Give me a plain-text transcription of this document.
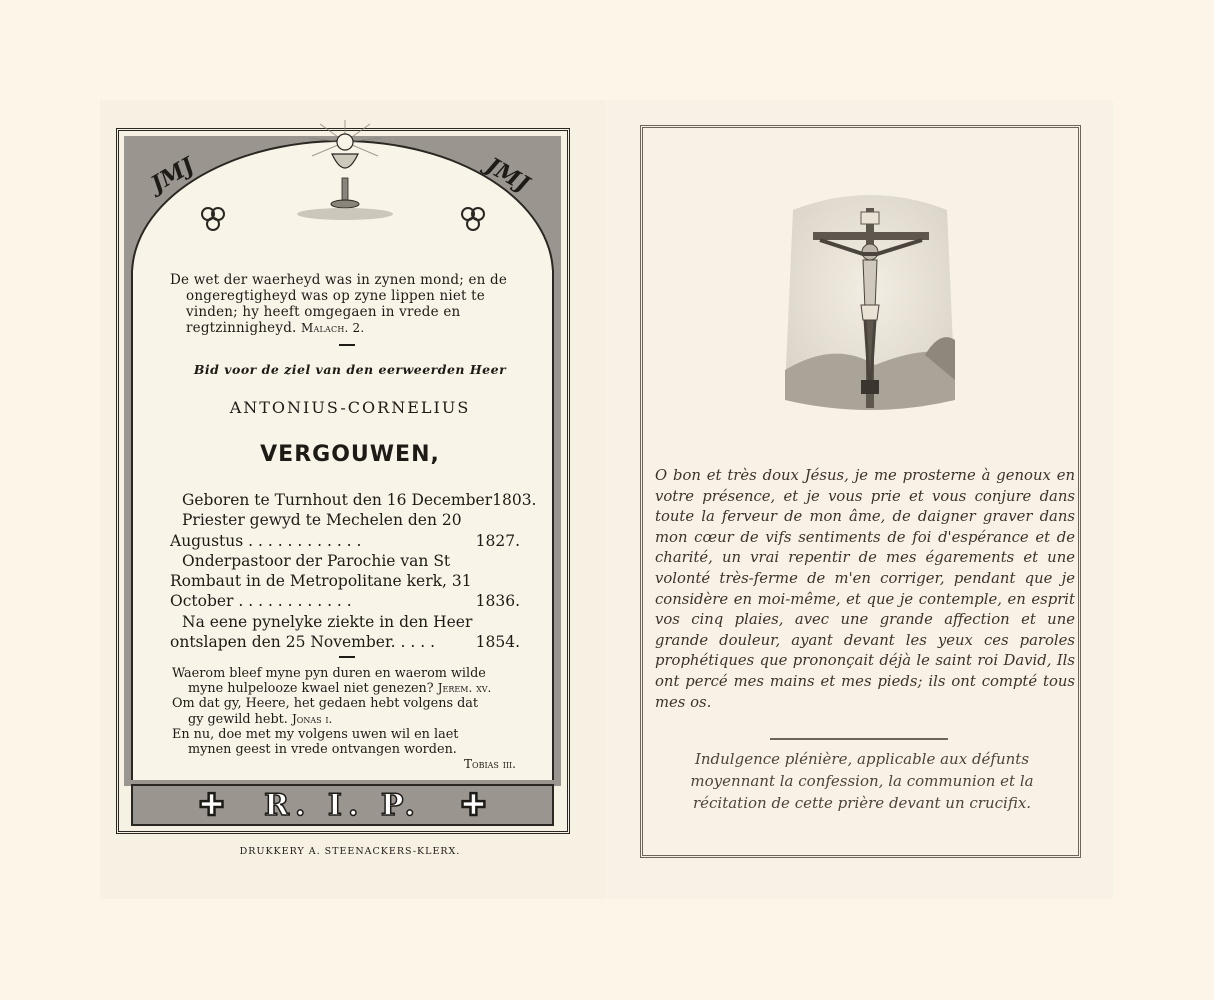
JMJ	JMJ
De wet der waerheyd was in zynen mond; en de
ongeregtigheyd was op zyne lippen niet te vinden; hy heeft omgegaen in vrede en regtzinnigheyd. Malach. 2.
Bid voor de ziel van den eerweerden Heer
ANTONIUS-CORNELIUS
VERGOUWEN,
Geboren te Turnhout den 16 December 1803.
Priester gewyd te Mechelen den 20
Augustus . . . . . . . . . . . .	1827.
Onderpastoor der Parochie van St
Rombaut in de Metropolitane kerk, 31
October . . . . . . . . . . . .	1836.
Na eene pynelyke ziekte in den Heer
ontslapen den 25 November. . . . .	1854.
Waerom bleef myne pyn duren en waerom wilde
myne hulpelooze kwael niet genezen? Jerem. xv.
Om dat gy, Heere, het gedaen hebt volgens dat
gy gewild hebt. Jonas i.
En nu, doe met my volgens uwen wil en laet
mynen geest in vrede ontvangen worden.
Tobias iii.
✚ R. I. P. ✚
DRUKKERY A. STEENACKERS-KLERX.
O bon et très doux Jésus, je me prosterne à genoux en votre présence, et je vous prie et vous conjure dans toute la ferveur de mon âme, de daigner graver dans mon cœur de vifs sentiments de foi d'espérance et de charité, un vrai repentir de mes égarements et une volonté très-ferme de m'en corriger, pendant que je considère en moi-même, et que je contemple, en esprit vos cinq plaies, avec une grande affection et une grande douleur, ayant devant les yeux ces paroles prophétiques que prononçait déjà le saint roi David, Ils ont percé mes mains et mes pieds; ils ont compté tous mes os.
Indulgence plénière, applicable aux défunts moyennant la confession, la communion et la récitation de cette prière devant un crucifix.
